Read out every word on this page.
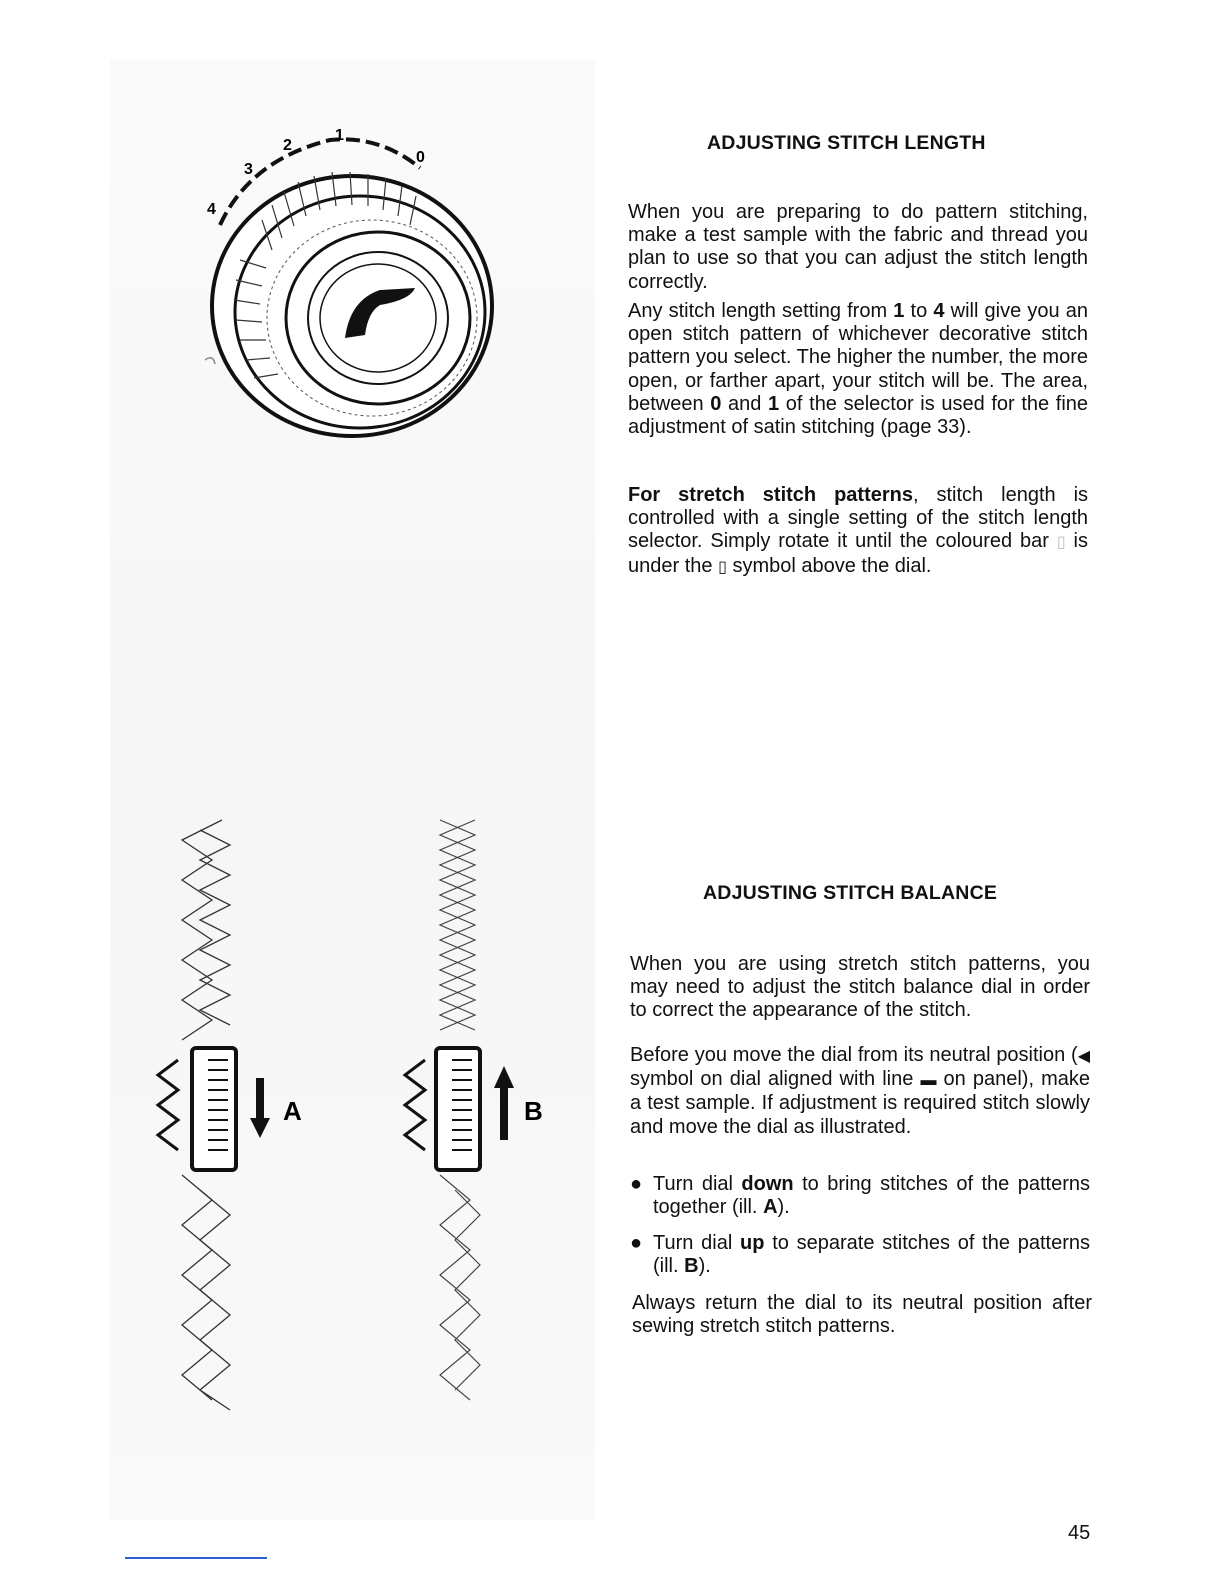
1
2
3
4
0
A	B
ADJUSTING STITCH LENGTH

When you are preparing to do pattern stitching, make a test sample with the fabric and thread you plan to use so that you can adjust the stitch length correctly.

Any stitch length setting from 1 to 4 will give you an open stitch pattern of whichever decorative stitch pattern you select. The higher the number, the more open, or farther apart, your stitch will be. The area, between 0 and 1 of the selector is used for the fine adjustment of satin stitching (page 33).

For stretch stitch patterns, stitch length is controlled with a single setting of the stitch length selector. Simply rotate it until the coloured bar ▯ is under the ▯ symbol above the dial.

ADJUSTING STITCH BALANCE

When you are using stretch stitch patterns, you may need to adjust the stitch balance dial in order to correct the appearance of the stitch.

Before you move the dial from its neutral position (◀ symbol on dial aligned with line ▬ on panel), make a test sample. If adjustment is required stitch slowly and move the dial as illustrated.

● Turn dial down to bring stitches of the patterns together (ill. A).
● Turn dial up to separate stitches of the patterns (ill. B).

Always return the dial to its neutral position after sewing stretch stitch patterns.

45
